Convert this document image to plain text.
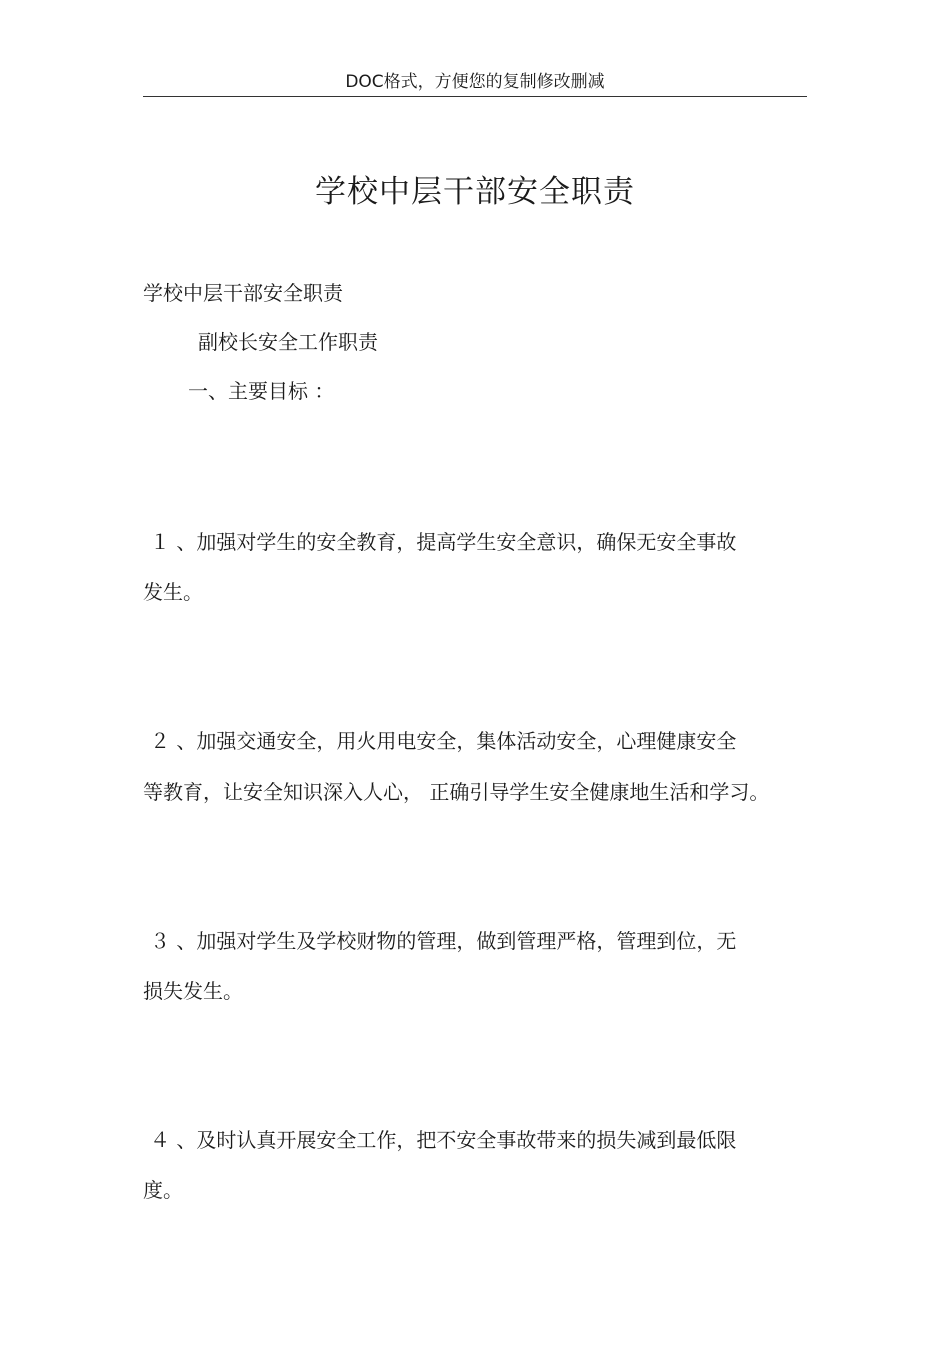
DOC格式，方便您的复制修改删减
学校中层干部安全职责
学校中层干部安全职责
副校长安全工作职责
一、主要目标 ：
１ 、加强对学生的安全教育，提高学生安全意识，确保无安全事故
发生。
２ 、加强交通安全，用火用电安全，集体活动安全，心理健康安全
等教育，让安全知识深入人心， 正确引导学生安全健康地生活和学习。
３ 、加强对学生及学校财物的管理，做到管理严格，管理到位，无
损失发生。
４ 、及时认真开展安全工作，把不安全事故带来的损失减到最低限
度。
